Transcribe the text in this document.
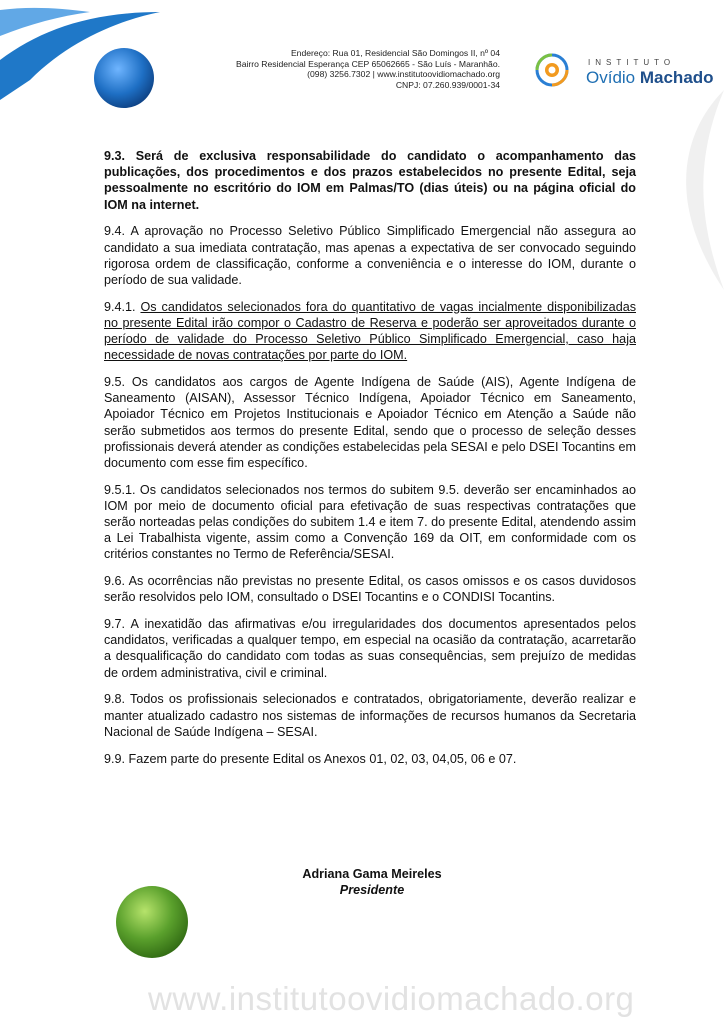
Endereço: Rua 01, Residencial São Domingos II, nº 04
Bairro Residencial Esperança CEP 65062665 - São Luís - Maranhão.
(098) 3256.7302 | www.institutoovidiomachado.org
CNPJ: 07.260.939/0001-34
INSTITUTO
Ovídio Machado

9.3. Será de exclusiva responsabilidade do candidato o acompanhamento das publicações, dos procedimentos e dos prazos estabelecidos no presente Edital, seja pessoalmente no escritório do IOM em Palmas/TO (dias úteis) ou na página oficial do IOM na internet.

9.4. A aprovação no Processo Seletivo Público Simplificado Emergencial não assegura ao candidato a sua imediata contratação, mas apenas a expectativa de ser convocado seguindo rigorosa ordem de classificação, conforme a conveniência e o interesse do IOM, durante o período de sua validade.

9.4.1. Os candidatos selecionados fora do quantitativo de vagas incialmente disponibilizadas no presente Edital irão compor o Cadastro de Reserva e poderão ser aproveitados durante o período de validade do Processo Seletivo Público Simplificado Emergencial, caso haja necessidade de novas contratações por parte do IOM.

9.5. Os candidatos aos cargos de Agente Indígena de Saúde (AIS), Agente Indígena de Saneamento (AISAN), Assessor Técnico Indígena, Apoiador Técnico em Saneamento, Apoiador Técnico em Projetos Institucionais e Apoiador Técnico em Atenção a Saúde não serão submetidos aos termos do presente Edital, sendo que o processo de seleção desses profissionais deverá atender as condições estabelecidas pela SESAI e pelo DSEI Tocantins em documento com esse fim específico.

9.5.1. Os candidatos selecionados nos termos do subitem 9.5. deverão ser encaminhados ao IOM por meio de documento oficial para efetivação de suas respectivas contratações que serão norteadas pelas condições do subitem 1.4 e item 7. do presente Edital, atendendo assim a Lei Trabalhista vigente, assim como a Convenção 169 da OIT, em conformidade com os critérios constantes no Termo de Referência/SESAI.

9.6. As ocorrências não previstas no presente Edital, os casos omissos e os casos duvidosos serão resolvidos pelo IOM, consultado o DSEI Tocantins e o CONDISI Tocantins.

9.7. A inexatidão das afirmativas e/ou irregularidades dos documentos apresentados pelos candidatos, verificadas a qualquer tempo, em especial na ocasião da contratação, acarretarão a desqualificação do candidato com todas as suas consequências, sem prejuízo de medidas de ordem administrativa, civil e criminal.

9.8. Todos os profissionais selecionados e contratados, obrigatoriamente, deverão realizar e manter atualizado cadastro nos sistemas de informações de recursos humanos da Secretaria Nacional de Saúde Indígena – SESAI.

9.9. Fazem parte do presente Edital os Anexos 01, 02, 03, 04,05, 06 e 07.

Adriana Gama Meireles
Presidente
www.institutoovidiomachado.org
